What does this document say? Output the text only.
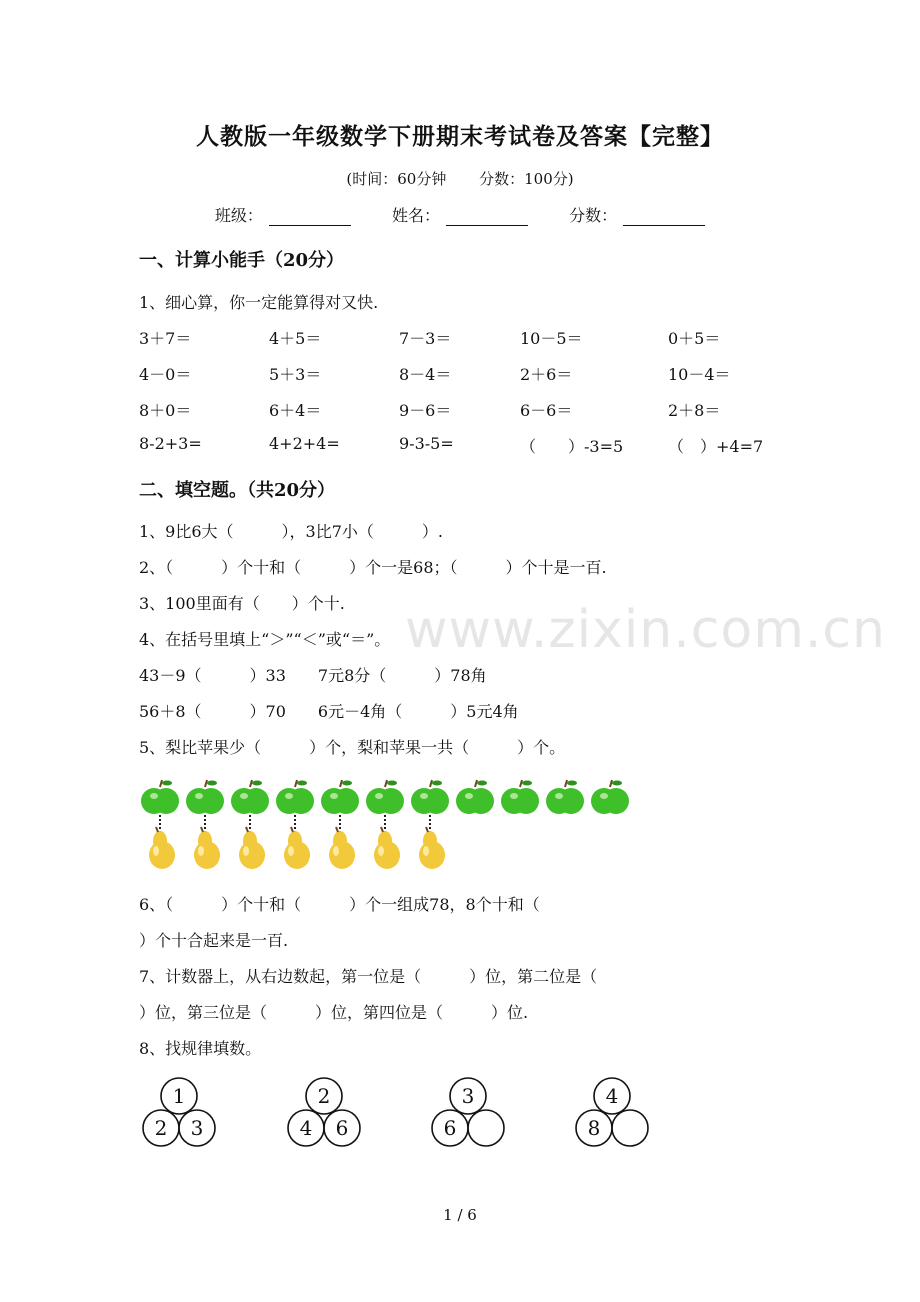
人教版一年级数学下册期末考试卷及答案【完整】
(时间：60分钟 分数：100分)
班级：	姓名：	分数：
一、计算小能手（20分）
1、细心算，你一定能算得对又快.
3＋7＝	4＋5＝	7－3＝	10－5＝	0＋5＝
4－0＝	5＋3＝	8－4＝	2＋6＝	10－4＝
8＋0＝	6＋4＝	9－6＝	6－6＝	2＋8＝
8-2+3=	4+2+4=	9-3-5=	（　　）-3=5	（　）+4=7
二、填空题。（共20分）
1、9比6大（　　　），3比7小（　　　）.
2、（　　　）个十和（　　　）个一是68；（　　　）个十是一百.
3、100里面有（　　）个十.
4、在括号里填上“＞”“＜”或“＝”。
43－9（　　　）33　　7元8分（　　　）78角
56＋8（　　　）70　　6元－4角（　　　）5元4角
5、梨比苹果少（　　　）个，梨和苹果一共（　　　）个。
6、（　　　）个十和（　　　）个一组成78，8个十和（
）个十合起来是一百.
7、计数器上，从右边数起，第一位是（　　　）位，第二位是（
）位，第三位是（　　　）位，第四位是（　　　）位.
8、找规律填数。
1
2 3
2
4 6
3
6
4
8
www.zixin.com.cn
1 / 6
